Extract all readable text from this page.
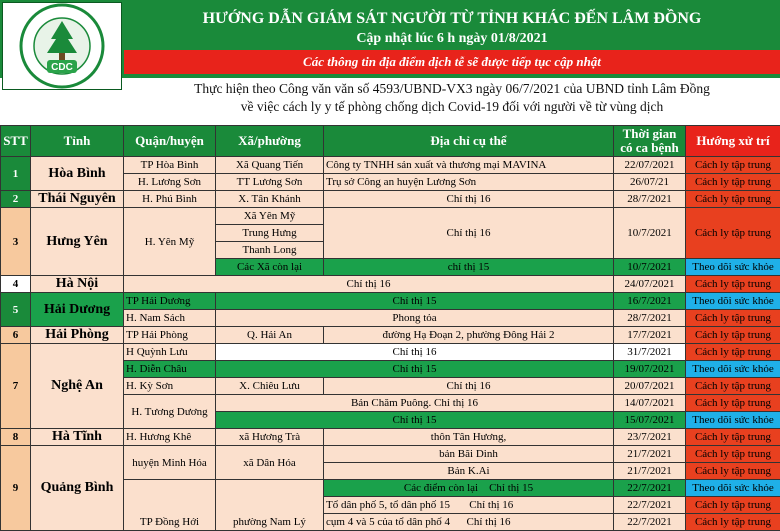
CDC
HƯỚNG DẪN GIÁM SÁT NGƯỜI TỪ TỈNH KHÁC ĐẾN LÂM ĐỒNG
Cập nhật lúc 6 h ngày 01/8/2021
Các thông tin địa điểm dịch tễ sẽ được tiếp tục cập nhật
Thực hiện theo Công văn văn số 4593/UBND-VX3 ngày 06/7/2021 của UBND tỉnh Lâm Đồng
về việc cách ly y tế phòng chống dịch Covid-19 đối với người về từ vùng dịch
STT	Tỉnh	Quận/huyện	Xã/phường	Địa chỉ cụ thể	Thời gian có ca bệnh	Hướng xử trí
1	Hòa Bình	TP Hòa Bình	Xã Quang Tiến	Công ty TNHH sản xuất và thương mại MAVINA	22/07/2021	Cách ly tập trung
		H. Lương Sơn	TT Lương Sơn	Trụ sở Công an huyện Lương Sơn	26/07/21	Cách ly tập trung
2	Thái Nguyên	H. Phú Bình	X. Tân Khánh	Chỉ thị 16	28/7/2021	Cách ly tập trung
3	Hưng Yên	H. Yên Mỹ	Xã Yên Mỹ	Chỉ thị 16	10/7/2021	Cách ly tập trung
			Trung Hưng			
			Thanh Long			
			Các Xã còn lại	chỉ thị 15	10/7/2021	Theo dõi sức khỏe
4	Hà Nội	Chỉ thị 16			24/07/2021	Cách ly tập trung
5	Hải Dương	TP Hải Dương	Chỉ thị 15		16/7/2021	Theo dõi sức khỏe
		H. Nam Sách	Phong tỏa		28/7/2021	Cách ly tập trung
6	Hải Phòng	TP Hải Phòng	Q. Hải An	đường Hạ Đoạn 2, phường Đông Hải 2	17/7/2021	Cách ly tập trung
7	Nghệ An	H Quỳnh Lưu	Chỉ thị 16		31/7/2021	Cách ly tập trung
		H. Diễn Châu	Chỉ thị 15		19/07/2021	Theo dõi sức khỏe
		H. Kỳ Sơn	X. Chiêu Lưu	Chỉ thị 16	20/07/2021	Cách ly tập trung
		H. Tương Dương	Bản Chăm Puông. Chỉ thị 16		14/07/2021	Cách ly tập trung
			Chỉ thị 15		15/07/2021	Theo dõi sức khỏe
8	Hà Tĩnh	H. Hương Khê	xã Hương Trà	thôn Tân Hương,	23/7/2021	Cách ly tập trung
9	Quảng Bình	huyện Minh Hóa	xã Dân Hóa	bản Bãi Dinh	21/7/2021	Cách ly tập trung
				Bản K.Ai	21/7/2021	Cách ly tập trung
		TP Đồng Hới	phường Nam Lý	Các điểm còn lại    Chỉ thị 15	22/7/2021	Theo dõi sức khỏe
				Tổ dân phố 5, tổ dân phố 15       Chỉ thị 16	22/7/2021	Cách ly tập trung
				cụm 4 và 5 của tổ dân phố 4      Chỉ thị 16	22/7/2021	Cách ly tập trung
